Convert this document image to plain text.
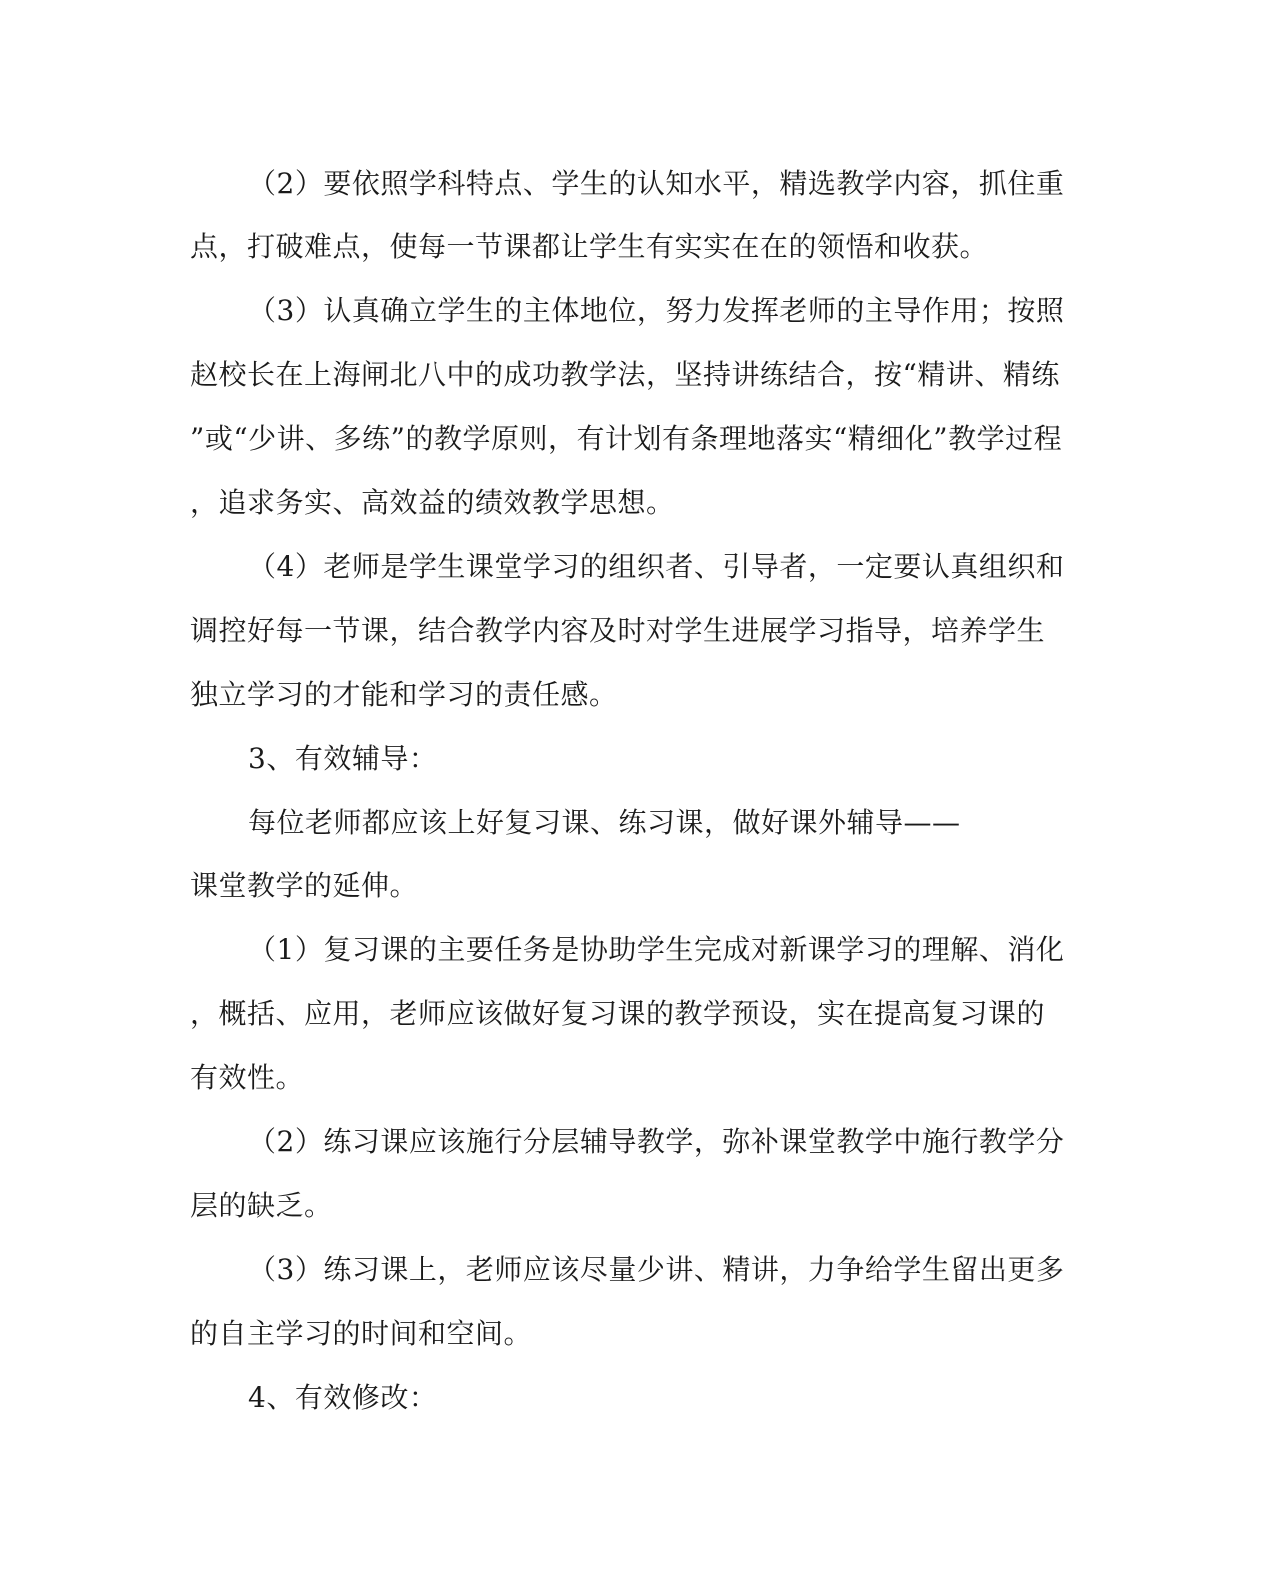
（2）要依照学科特点、学生的认知水平，精选教学内容，抓住重
点，打破难点，使每一节课都让学生有实实在在的领悟和收获。
（3）认真确立学生的主体地位，努力发挥老师的主导作用；按照
赵校长在上海闸北八中的成功教学法，坚持讲练结合，按“精讲、精练
”或“少讲、多练”的教学原则，有计划有条理地落实“精细化”教学过程
，追求务实、高效益的绩效教学思想。
（4）老师是学生课堂学习的组织者、引导者，一定要认真组织和
调控好每一节课，结合教学内容及时对学生进展学习指导，培养学生
独立学习的才能和学习的责任感。
3、有效辅导：
每位老师都应该上好复习课、练习课，做好课外辅导——
课堂教学的延伸。
（1）复习课的主要任务是协助学生完成对新课学习的理解、消化
，概括、应用，老师应该做好复习课的教学预设，实在提高复习课的
有效性。
（2）练习课应该施行分层辅导教学，弥补课堂教学中施行教学分
层的缺乏。
（3）练习课上，老师应该尽量少讲、精讲，力争给学生留出更多
的自主学习的时间和空间。
4、有效修改：
